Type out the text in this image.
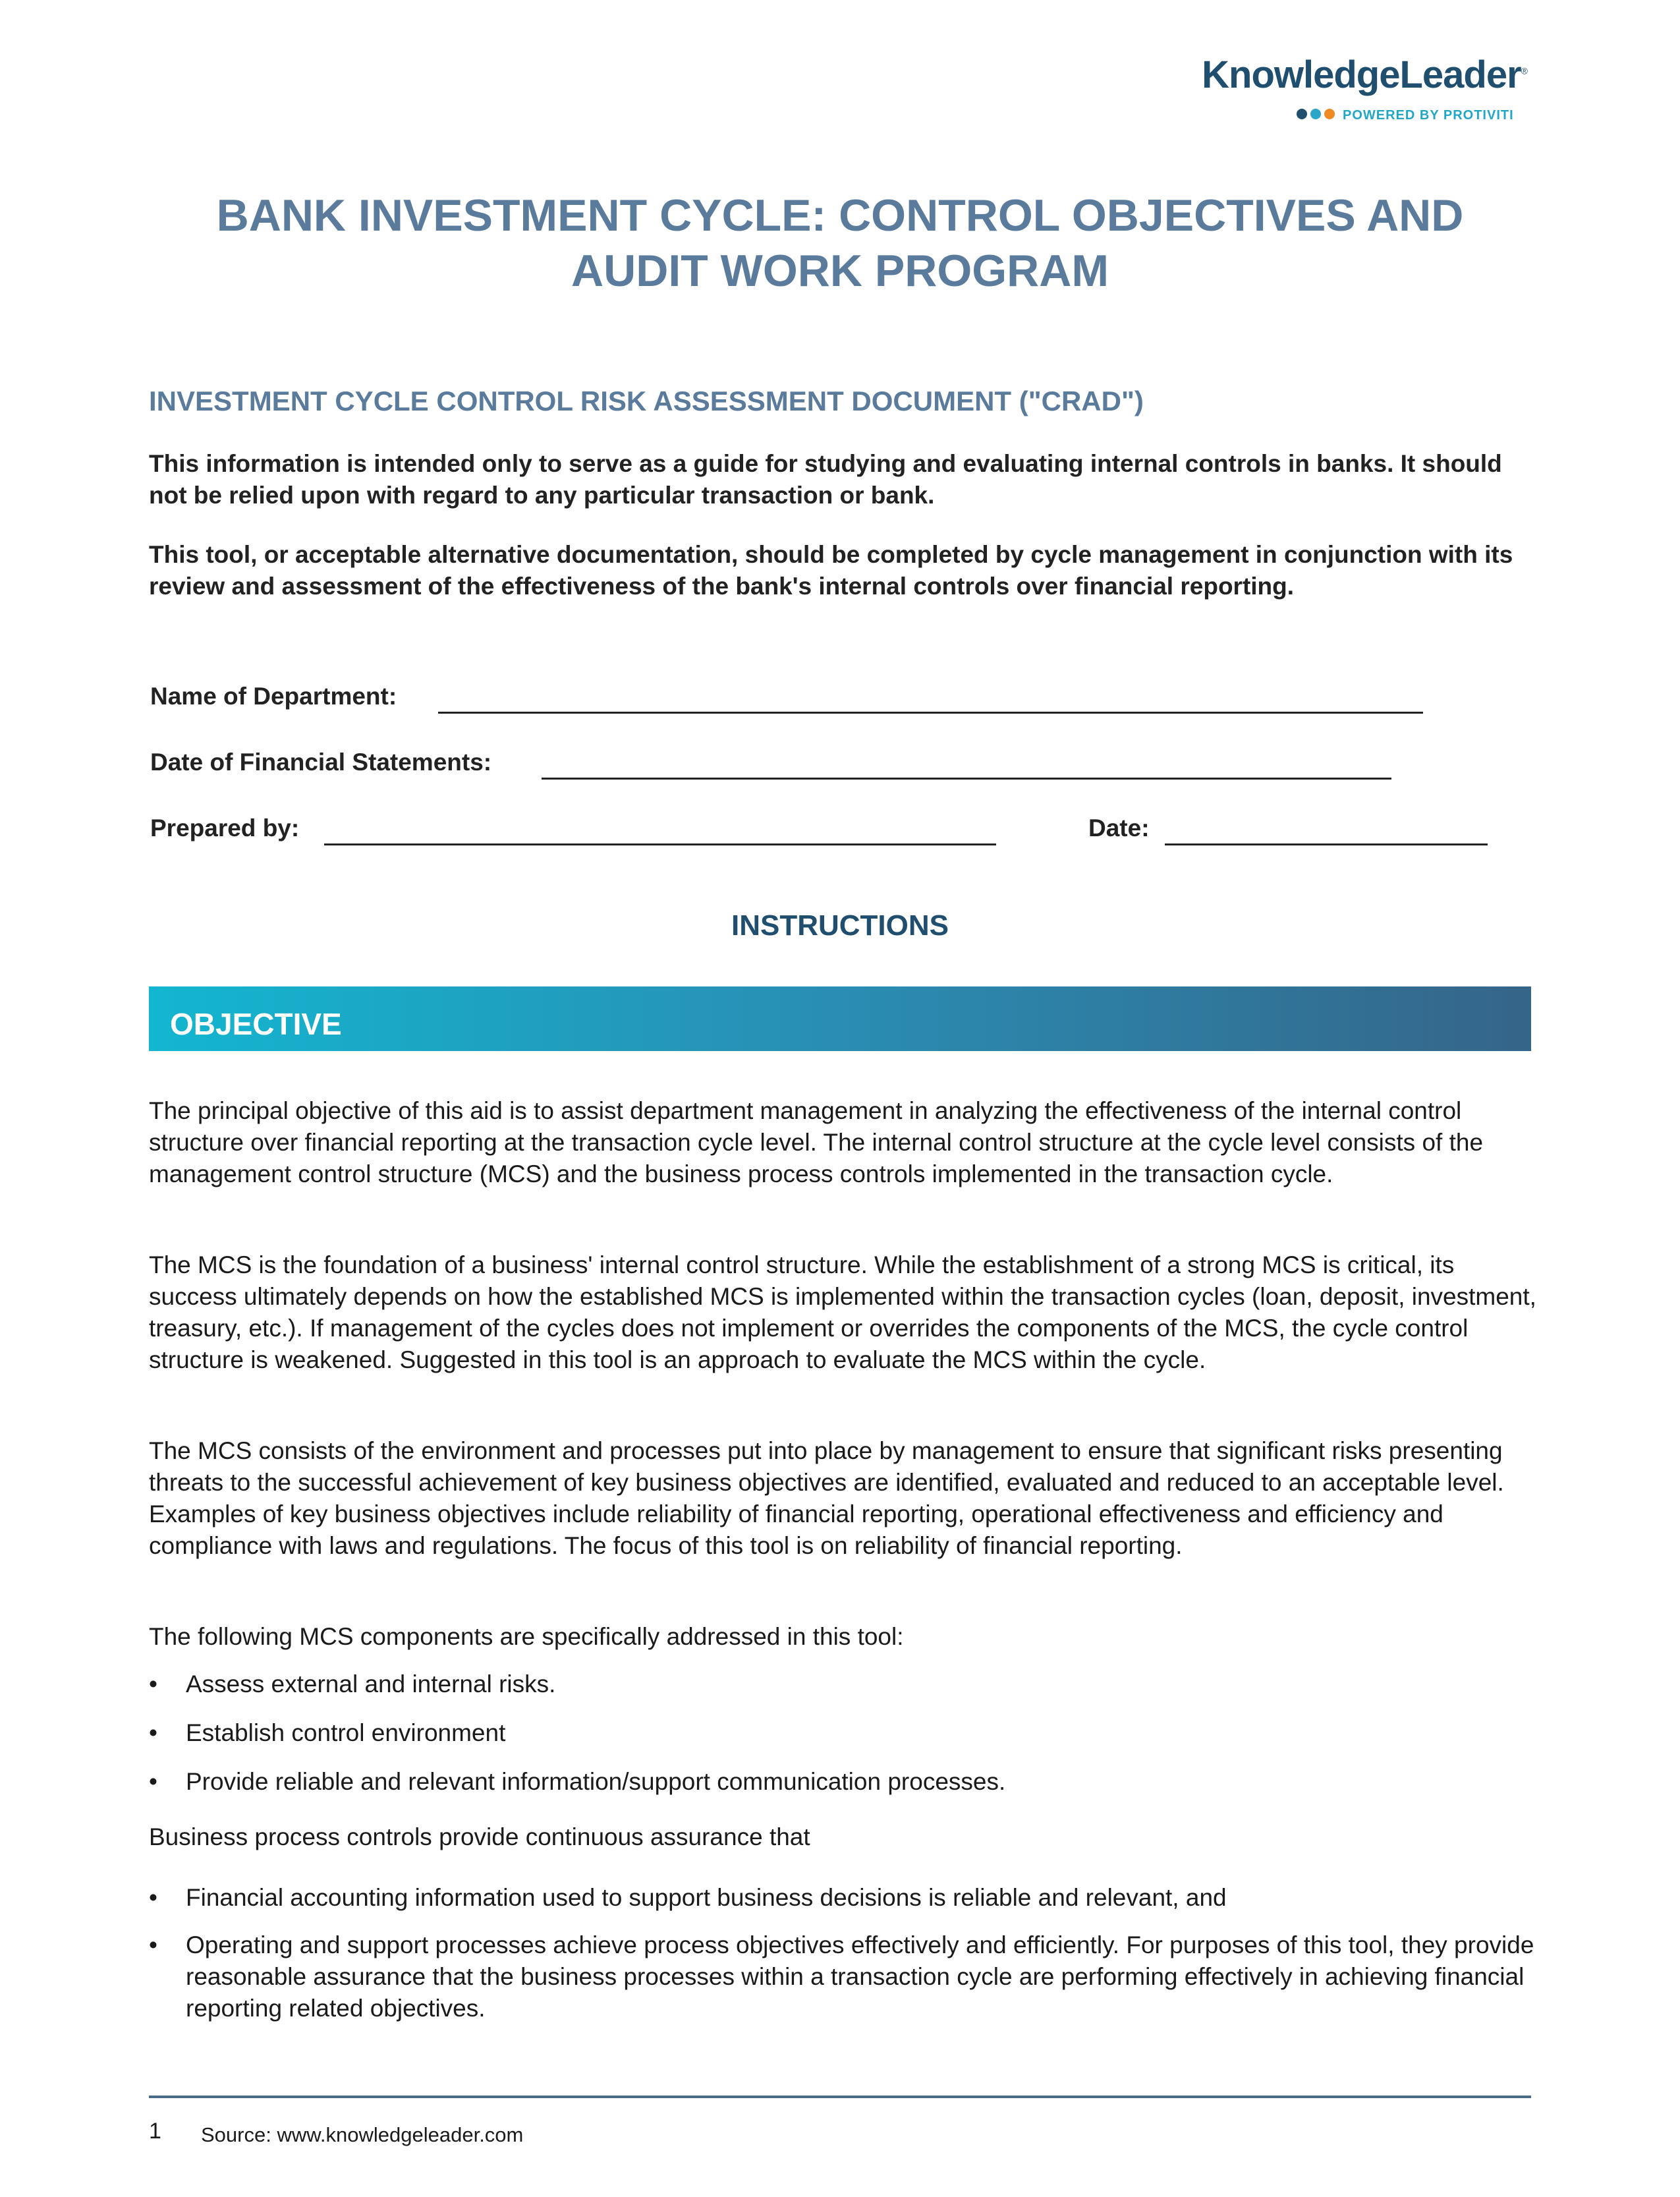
KnowledgeLeader®
POWERED BY PROTIVITI
BANK INVESTMENT CYCLE: CONTROL OBJECTIVES AND
AUDIT WORK PROGRAM
INVESTMENT CYCLE CONTROL RISK ASSESSMENT DOCUMENT ("CRAD")
This information is intended only to serve as a guide for studying and evaluating internal controls in banks. It should not be relied upon with regard to any particular transaction or bank.
This tool, or acceptable alternative documentation, should be completed by cycle management in conjunction with its review and assessment of the effectiveness of the bank's internal controls over financial reporting.
Name of Department:
Date of Financial Statements:
Prepared by:	Date:
INSTRUCTIONS
OBJECTIVE
The principal objective of this aid is to assist department management in analyzing the effectiveness of the internal control structure over financial reporting at the transaction cycle level. The internal control structure at the cycle level consists of the management control structure (MCS) and the business process controls implemented in the transaction cycle.
The MCS is the foundation of a business' internal control structure. While the establishment of a strong MCS is critical, its success ultimately depends on how the established MCS is implemented within the transaction cycles (loan, deposit, investment, treasury, etc.). If management of the cycles does not implement or overrides the components of the MCS, the cycle control structure is weakened. Suggested in this tool is an approach to evaluate the MCS within the cycle.
The MCS consists of the environment and processes put into place by management to ensure that significant risks presenting threats to the successful achievement of key business objectives are identified, evaluated and reduced to an acceptable level. Examples of key business objectives include reliability of financial reporting, operational effectiveness and efficiency and compliance with laws and regulations. The focus of this tool is on reliability of financial reporting.
The following MCS components are specifically addressed in this tool:
• Assess external and internal risks.
• Establish control environment
• Provide reliable and relevant information/support communication processes.
Business process controls provide continuous assurance that
• Financial accounting information used to support business decisions is reliable and relevant, and
• Operating and support processes achieve process objectives effectively and efficiently. For purposes of this tool, they provide reasonable assurance that the business processes within a transaction cycle are performing effectively in achieving financial reporting related objectives.
1 Source: www.knowledgeleader.com
